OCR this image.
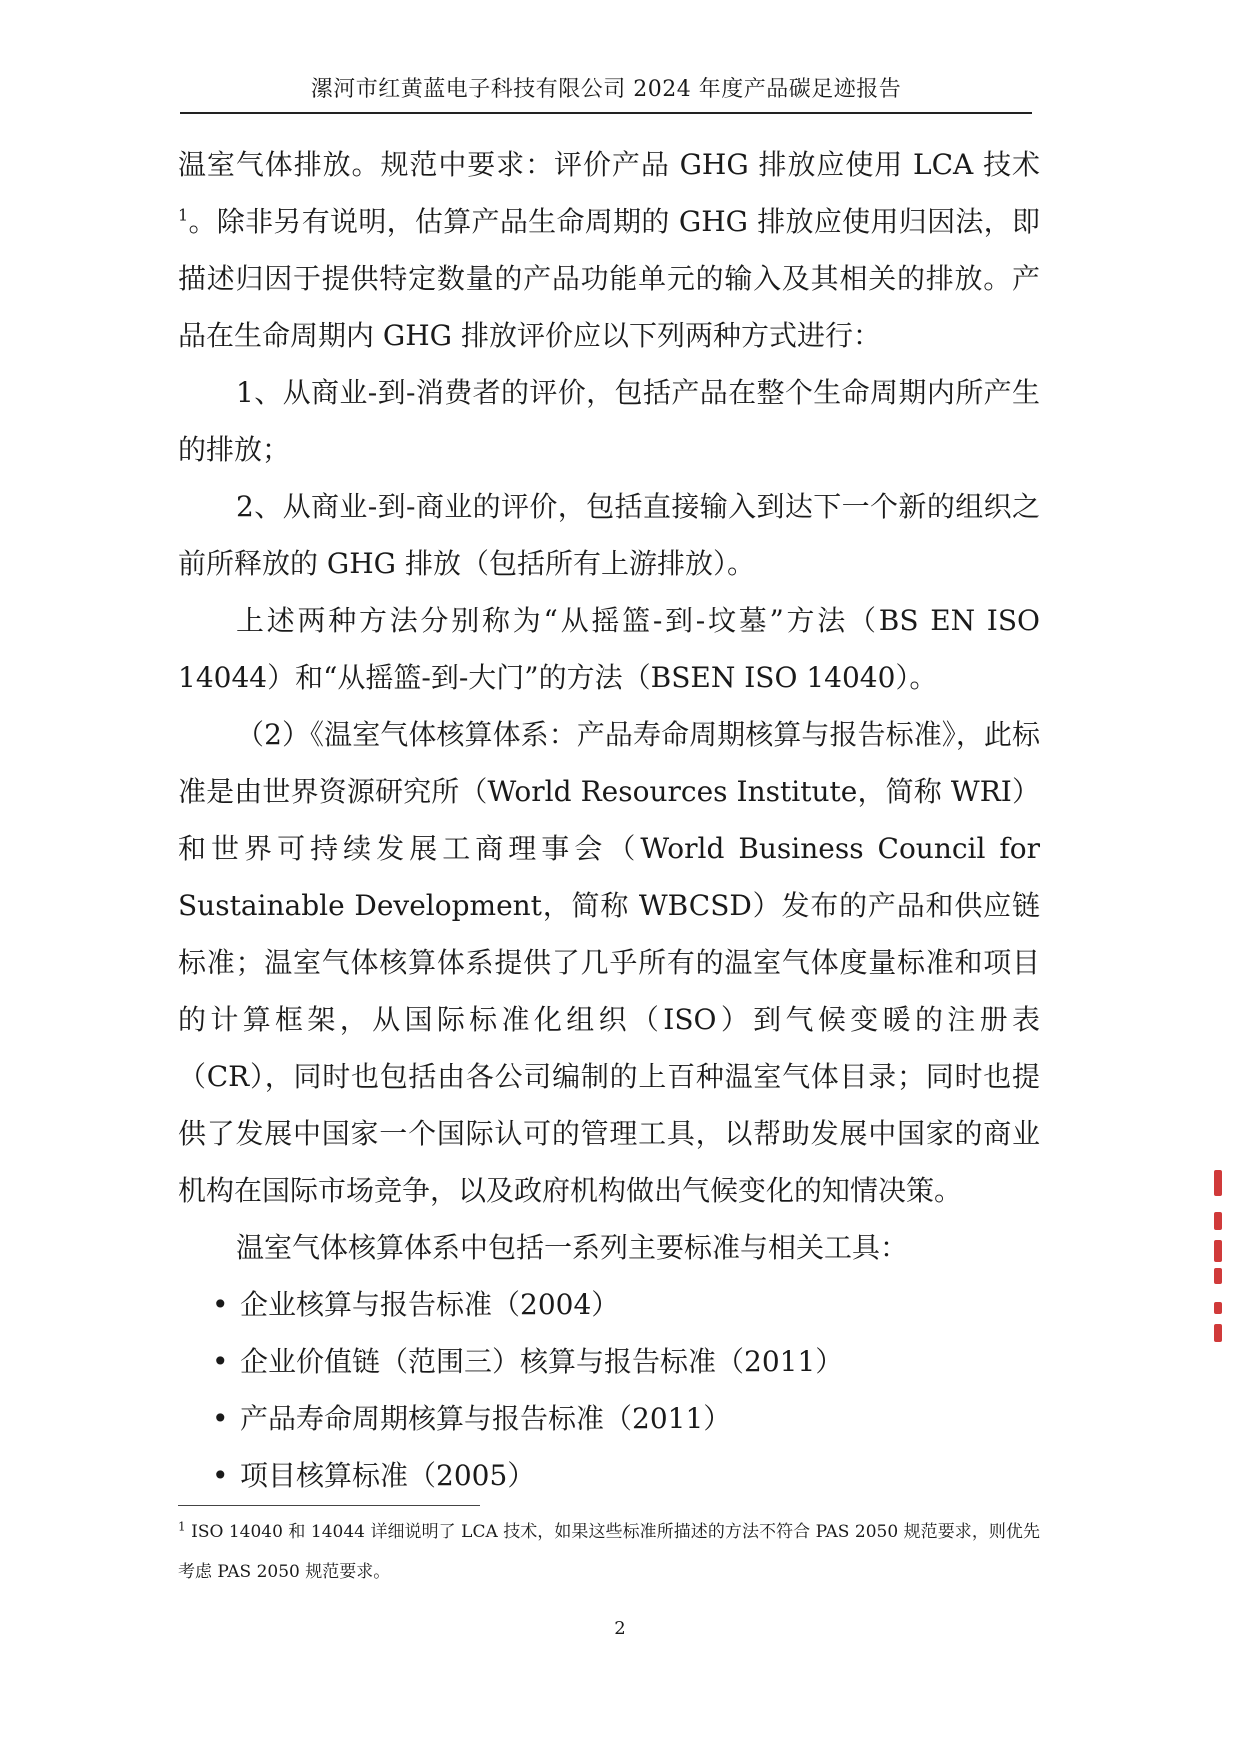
漯河市红黄蓝电子科技有限公司 2024 年度产品碳足迹报告

温室气体排放。规范中要求：评价产品 GHG 排放应使用 LCA 技术$^1$。除非另有说明，估算产品生命周期的 GHG 排放应使用归因法，即描述归因于提供特定数量的产品功能单元的输入及其相关的排放。产品在生命周期内 GHG 排放评价应以下列两种方式进行：

1、从商业-到-消费者的评价，包括产品在整个生命周期内所产生的排放；

2、从商业-到-商业的评价，包括直接输入到达下一个新的组织之前所释放的 GHG 排放（包括所有上游排放）。

上述两种方法分别称为“从摇篮-到-坟墓”方法（BS EN ISO 14044）和“从摇篮-到-大门”的方法（BSEN ISO 14040）。

（2）《温室气体核算体系：产品寿命周期核算与报告标准》，此标准是由世界资源研究所（World Resources Institute，简称 WRI）和世界可持续发展工商理事会（World Business Council for Sustainable Development，简称 WBCSD）发布的产品和供应链标准；温室气体核算体系提供了几乎所有的温室气体度量标准和项目的计算框架，从国际标准化组织（ISO）到气候变暖的注册表（CR），同时也包括由各公司编制的上百种温室气体目录；同时也提供了发展中国家一个国际认可的管理工具，以帮助发展中国家的商业机构在国际市场竞争，以及政府机构做出气候变化的知情决策。

温室气体核算体系中包括一系列主要标准与相关工具：

• 企业核算与报告标准（2004）
• 企业价值链（范围三）核算与报告标准（2011）
• 产品寿命周期核算与报告标准（2011）
• 项目核算标准（2005）
$^1$ ISO 14040 和 14044 详细说明了 LCA 技术，如果这些标准所描述的方法不符合 PAS 2050 规范要求，则优先考虑 PAS 2050 规范要求。
2
